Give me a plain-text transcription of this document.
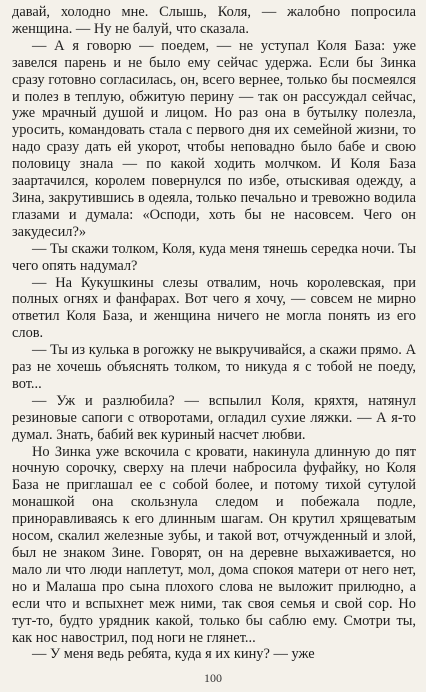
давай, холодно мне. Слышь, Коля, — жалобно попросила женщина. — Ну не балуй, что сказала.

— А я говорю — поедем, — не уступал Коля База: уже завелся парень и не было ему сейчас удержа. Если бы Зинка сразу готовно согласилась, он, всего вернее, только бы посмеялся и полез в теплую, обжитую перину — так он рассуждал сейчас, уже мрачный душой и лицом. Но раз она в бутылку полезла, уросить, командовать стала с первого дня их семейной жизни, то надо сразу дать ей укорот, чтобы неповадно было бабе и свою половицу знала — по какой ходить молчком. И Коля База заартачился, королем повернулся по избе, отыскивая одежду, а Зина, закрутившись в одеяла, только печально и тревожно водила глазами и думала: «Осподи, хоть бы не насовсем. Чего он закудесил?»

— Ты скажи толком, Коля, куда меня тянешь середка ночи. Ты чего опять надумал?

— На Кукушкины слезы отвалим, ночь королевская, при полных огнях и фанфарах. Вот чего я хочу, — совсем не мирно ответил Коля База, и женщина ничего не могла понять из его слов.

— Ты из кулька в рогожку не выкручивайся, а скажи прямо. А раз не хочешь объяснять толком, то никуда я с тобой не поеду, вот...

— Уж и разлюбила? — вспылил Коля, кряхтя, натянул резиновые сапоги с отворотами, огладил сухие ляжки. — А я-то думал. Знать, бабий век куриный насчет любви.

Но Зинка уже вскочила с кровати, накинула длинную до пят ночную сорочку, сверху на плечи набросила фуфайку, но Коля База не приглашал ее с собой более, и потому тихой сутулой монашкой она скользнула следом и побежала подле, приноравливаясь к его длинным шагам. Он крутил хрящеватым носом, скалил железные зубы, и такой вот, отчужденный и злой, был не знаком Зине. Говорят, он на деревне выхаживается, но мало ли что люди наплетут, мол, дома спокоя матери от него нет, но и Малаша про сына плохого слова не выложит прилюдно, а если что и вспыхнет меж ними, так своя семья и свой сор. Но тут-то, будто урядник какой, только бы саблю ему. Смотри ты, как нос навострил, под ноги не глянет...

— У меня ведь ребята, куда я их кину? — уже

100
